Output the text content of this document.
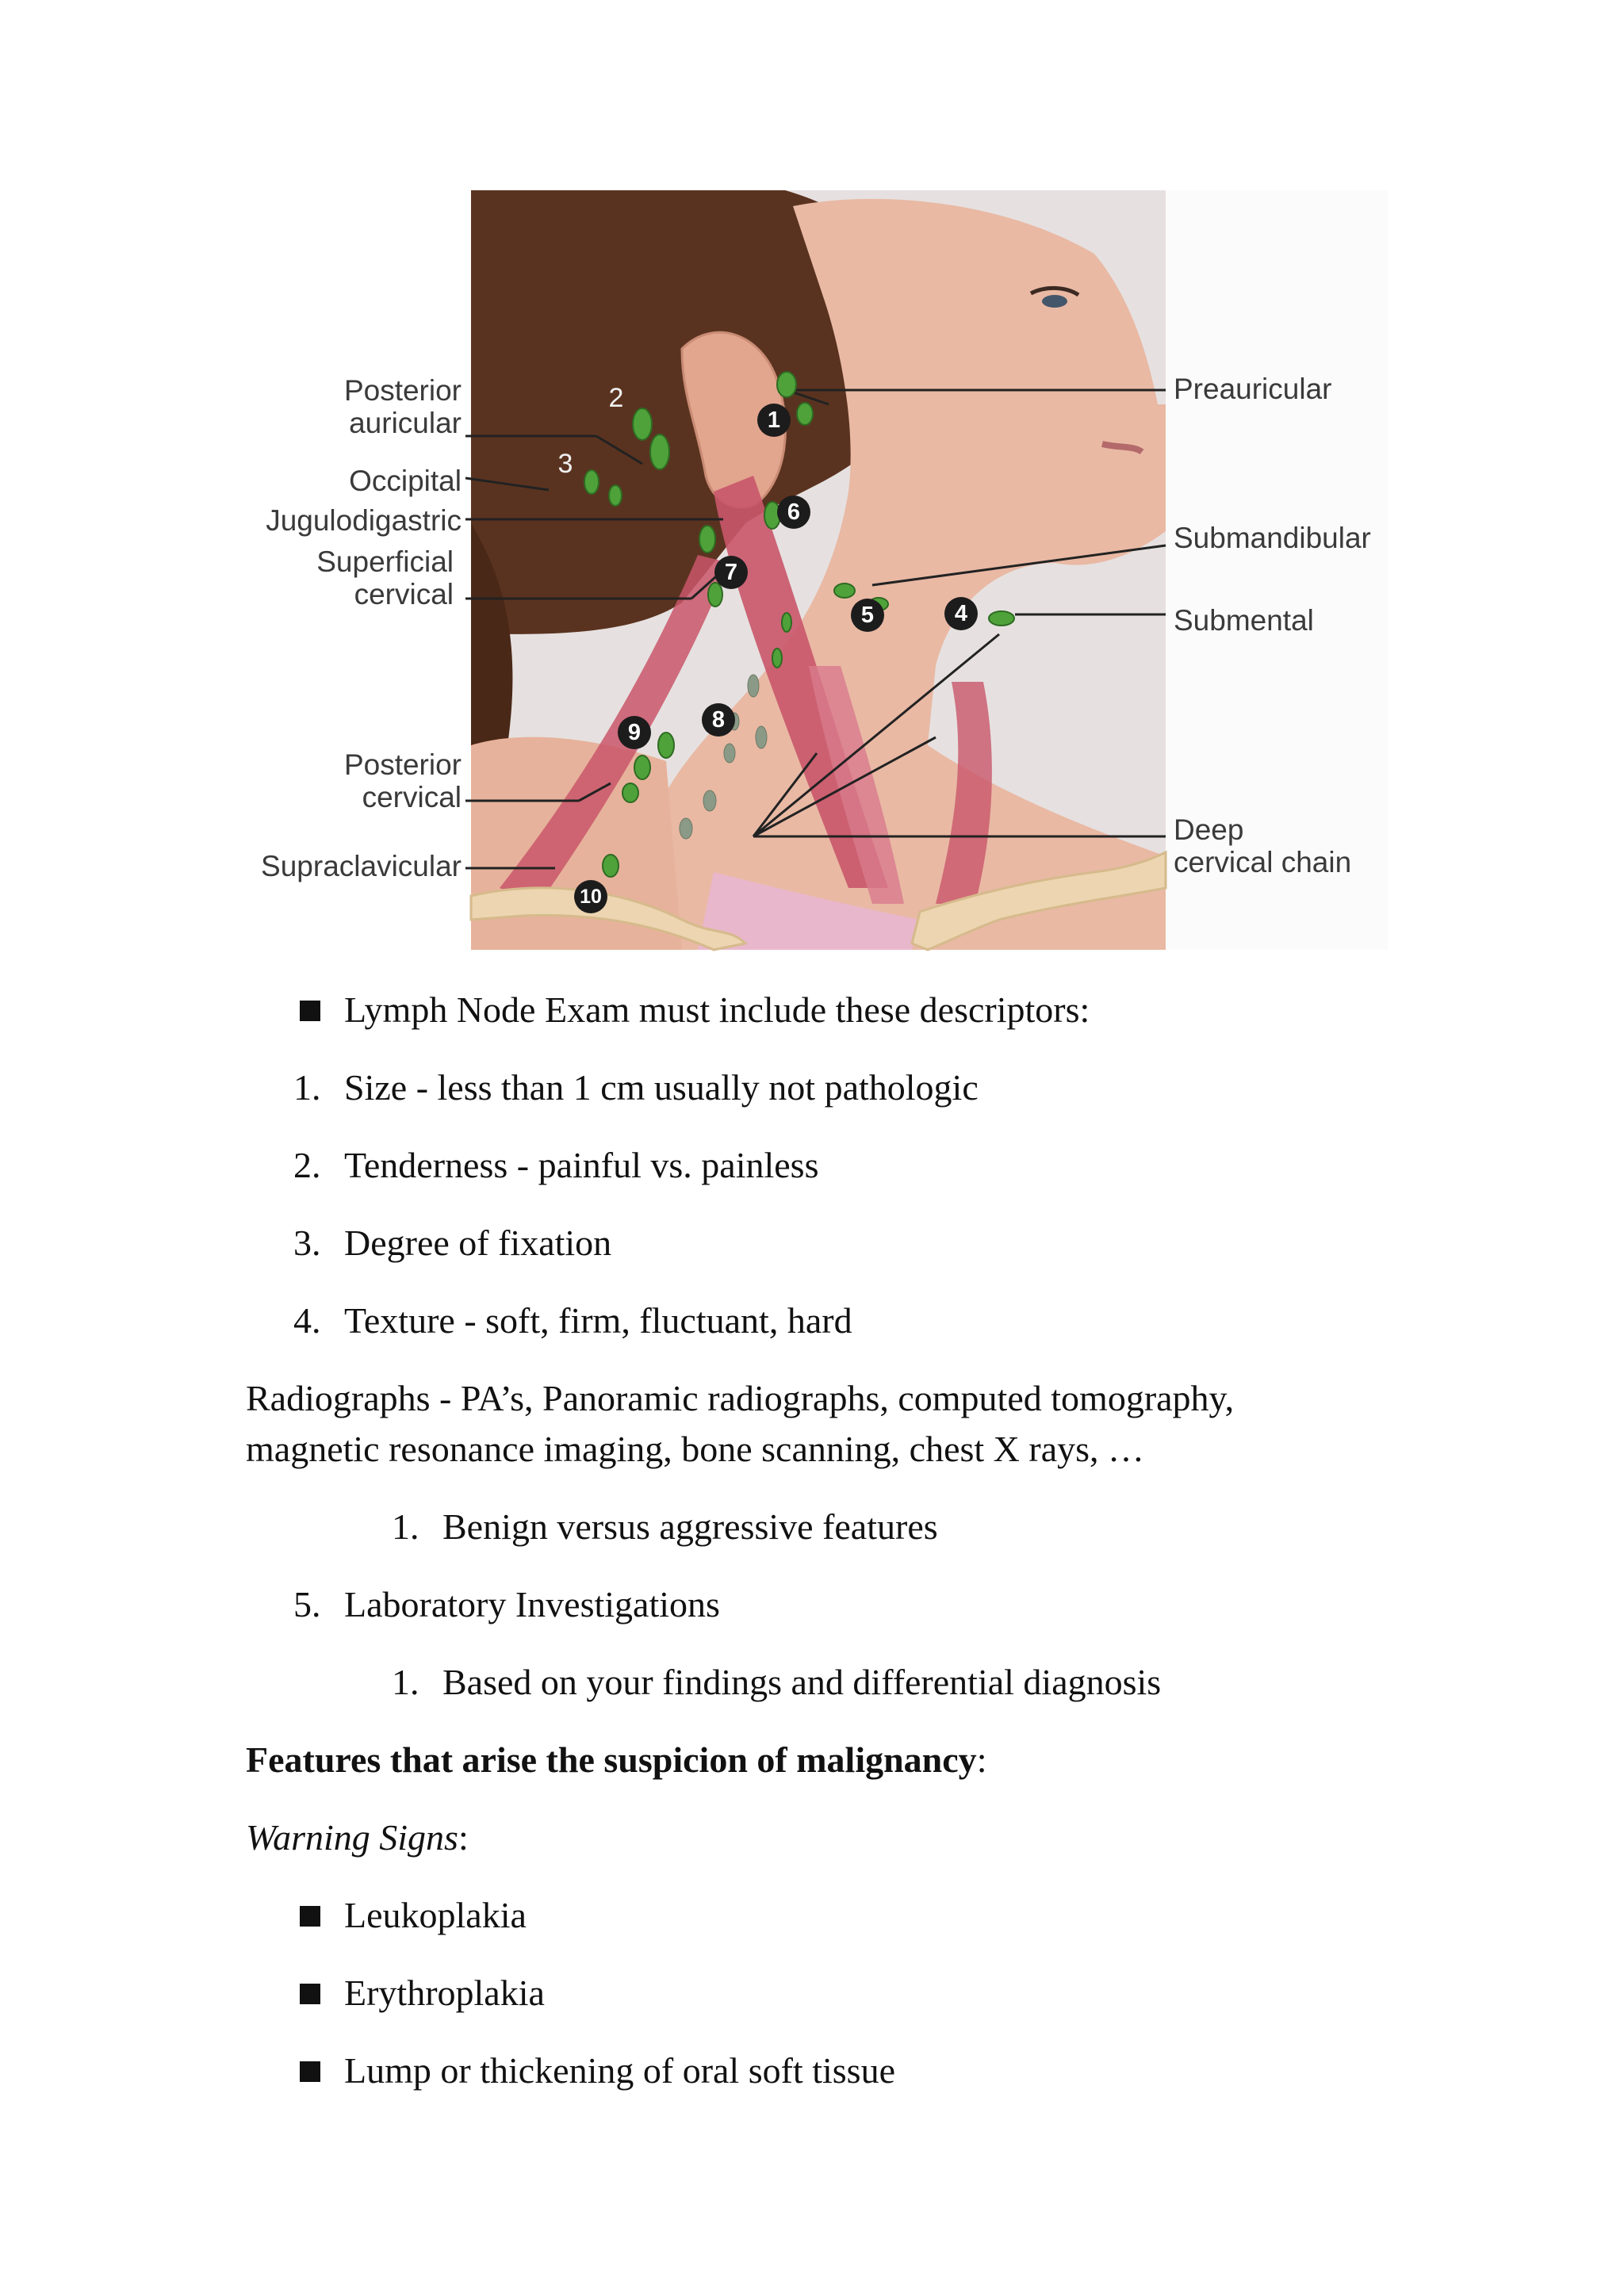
1
2
3
4
5
6
7
8
9
10
Posterior
auricular
Occipital
Jugulodigastric
Superficial
cervical
Posterior
cervical
Supraclavicular
Preauricular
Submandibular
Submental
Deep
cervical chain
Lymph Node Exam must include these descriptors:
1. Size - less than 1 cm usually not pathologic
2. Tenderness - painful vs. painless
3. Degree of fixation
4. Texture - soft, firm, fluctuant, hard
Radiographs - PA’s, Panoramic radiographs, computed tomography,
magnetic resonance imaging, bone scanning, chest X rays, …
1. Benign versus aggressive features
5. Laboratory Investigations
1. Based on your findings and differential diagnosis
Features that arise the suspicion of malignancy:
Warning Signs:
Leukoplakia
Erythroplakia
Lump or thickening of oral soft tissue
